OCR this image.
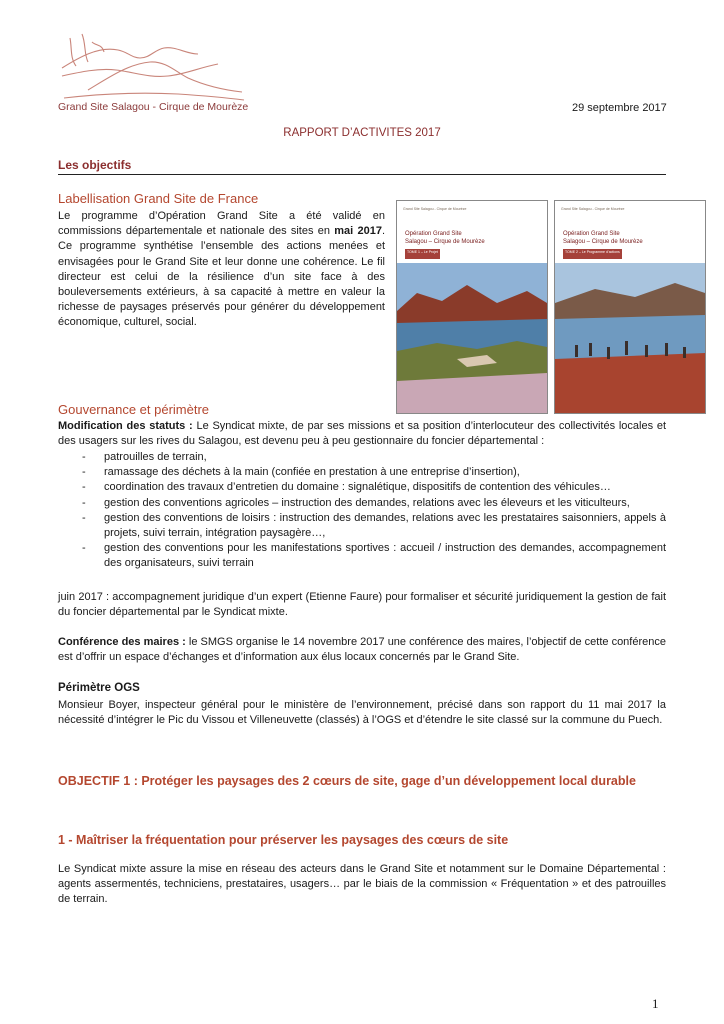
Grand Site Salagou - Cirque de Mourèze	29 septembre 2017
RAPPORT D’ACTIVITES 2017
Les objectifs
Labellisation Grand Site de France

Le programme d’Opération Grand Site a été validé en commissions départementale et nationale des sites en mai 2017. Ce programme synthétise l’ensemble des actions menées et envisagées pour le Grand Site et leur donne une cohérence. Le fil directeur est celui de la résilience d’un site face à des bouleversements extérieurs, à sa capacité à mettre en valeur la richesse de paysages préservés pour générer du développement économique, culturel, social.

Grand Site Salagou - Cirque de Mourèze
Opération Grand Site
Salagou – Cirque de Mourèze
TOME 1 – Le Projet
Grand Site Salagou - Cirque de Mourèze
Opération Grand Site
Salagou – Cirque de Mourèze
TOME 2 – Le Programme d’actions
Gouvernance et périmètre

Modification des statuts : Le Syndicat mixte, de par ses missions et sa position d’interlocuteur des collectivités locales et des usagers sur les rives du Salagou, est devenu peu à peu gestionnaire du foncier départemental :

- patrouilles de terrain,
- ramassage des déchets à la main (confiée en prestation à une entreprise d’insertion),
- coordination des travaux d’entretien du domaine : signalétique, dispositifs de contention des véhicules…
- gestion des conventions agricoles – instruction des demandes, relations avec les éleveurs et les viticulteurs,
- gestion des conventions de loisirs : instruction des demandes, relations avec les prestataires saisonniers, appels à projets, suivi terrain, intégration paysagère…,
- gestion des conventions pour les manifestations sportives : accueil / instruction des demandes, accompagnement des organisateurs, suivi terrain

juin 2017 : accompagnement juridique d’un expert (Etienne Faure) pour formaliser et sécurité juridiquement la gestion de fait du foncier départemental par le Syndicat mixte.

Conférence des maires : le SMGS organise le 14 novembre 2017 une conférence des maires, l’objectif de cette conférence est d’offrir un espace d’échanges et d’information aux élus locaux concernés par le Grand Site.

Périmètre OGS

Monsieur Boyer, inspecteur général pour le ministère de l’environnement, précisé dans son rapport du 11 mai 2017 la nécessité d’intégrer le Pic du Vissou et Villeneuvette (classés) à l’OGS et d’étendre le site classé sur la commune du Puech.

OBJECTIF 1 : Protéger les paysages des 2 cœurs de site, gage d’un développement local durable
1 - Maîtriser la fréquentation pour préserver les paysages des cœurs de site

Le Syndicat mixte assure la mise en réseau des acteurs dans le Grand Site et notamment sur le Domaine Départemental : agents assermentés, techniciens, prestataires, usagers… par le biais de la commission « Fréquentation » et des patrouilles de terrain.

1
